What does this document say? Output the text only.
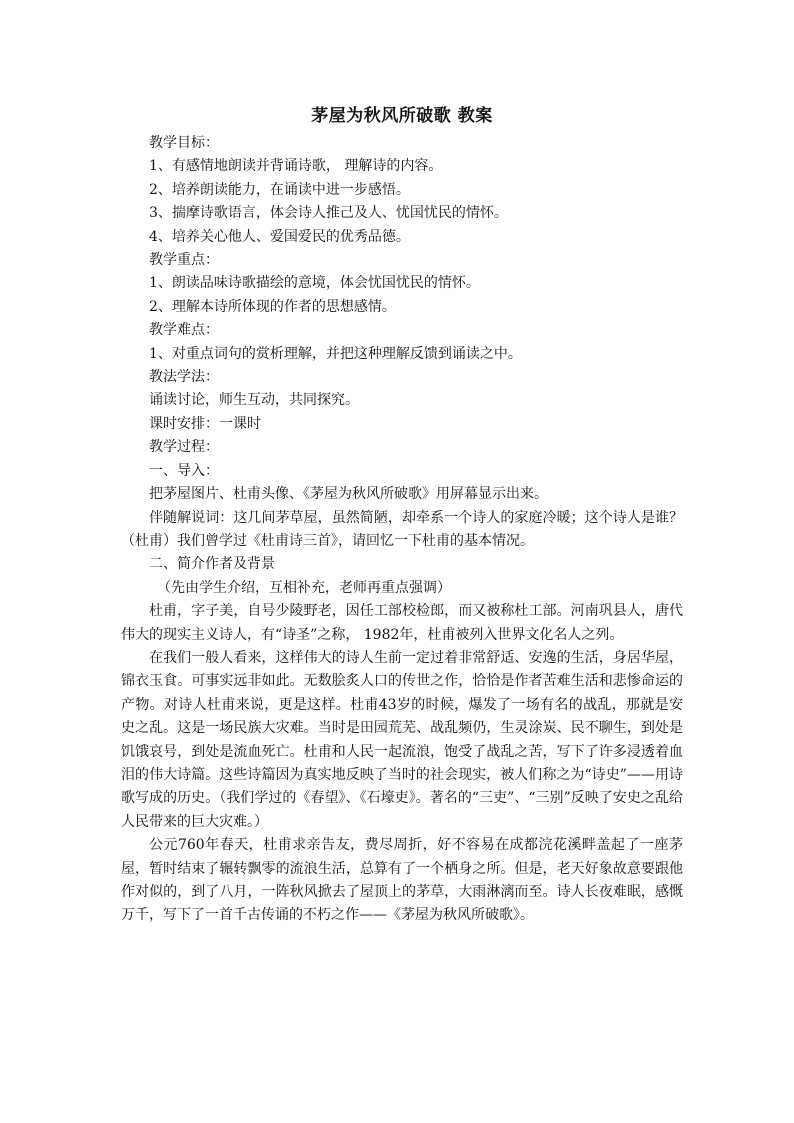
茅屋为秋风所破歌 教案

教学目标：

1、有感情地朗读并背诵诗歌， 理解诗的内容。

2、培养朗读能力，在诵读中进一步感悟。

3、揣摩诗歌语言，体会诗人推己及人、忧国忧民的情怀。

4、培养关心他人、爱国爱民的优秀品德。

教学重点：

1、朗读品味诗歌描绘的意境，体会忧国忧民的情怀。

2、理解本诗所体现的作者的思想感情。

教学难点：

1、对重点词句的赏析理解，并把这种理解反馈到诵读之中。

教法学法：

诵读讨论，师生互动，共同探究。

课时安排：一课时

教学过程：

一、导入：

把茅屋图片、杜甫头像、《茅屋为秋风所破歌》用屏幕显示出来。

伴随解说词：这几间茅草屋，虽然简陋，却牵系一个诗人的家庭冷暖；这个诗人是谁？（杜甫）我们曾学过《杜甫诗三首》，请回忆一下杜甫的基本情况。

二、简介作者及背景

（先由学生介绍，互相补充，老师再重点强调）

杜甫，字子美，自号少陵野老，因任工部校检郎，而又被称杜工部。河南巩县人，唐代伟大的现实主义诗人，有“诗圣”之称， 1982年，杜甫被列入世界文化名人之列。

在我们一般人看来，这样伟大的诗人生前一定过着非常舒适、安逸的生活，身居华屋，锦衣玉食。可事实远非如此。无数脍炙人口的传世之作，恰恰是作者苦难生活和悲惨命运的产物。对诗人杜甫来说，更是这样。杜甫43岁的时候，爆发了一场有名的战乱，那就是安史之乱。这是一场民族大灾难。当时是田园荒芜、战乱频仍，生灵涂炭、民不聊生，到处是饥饿哀号，到处是流血死亡。杜甫和人民一起流浪，饱受了战乱之苦，写下了许多浸透着血泪的伟大诗篇。这些诗篇因为真实地反映了当时的社会现实，被人们称之为“诗史”——用诗歌写成的历史。（我们学过的《春望》、《石壕吏》。著名的“三吏”、“三别”反映了安史之乱给人民带来的巨大灾难。）

公元760年春天，杜甫求亲告友，费尽周折，好不容易在成都浣花溪畔盖起了一座茅屋，暂时结束了辗转飘零的流浪生活，总算有了一个栖身之所。但是，老天好象故意要跟他作对似的，到了八月，一阵秋风掀去了屋顶上的茅草，大雨淋漓而至。诗人长夜难眠，感慨万千，写下了一首千古传诵的不朽之作——《茅屋为秋风所破歌》。
